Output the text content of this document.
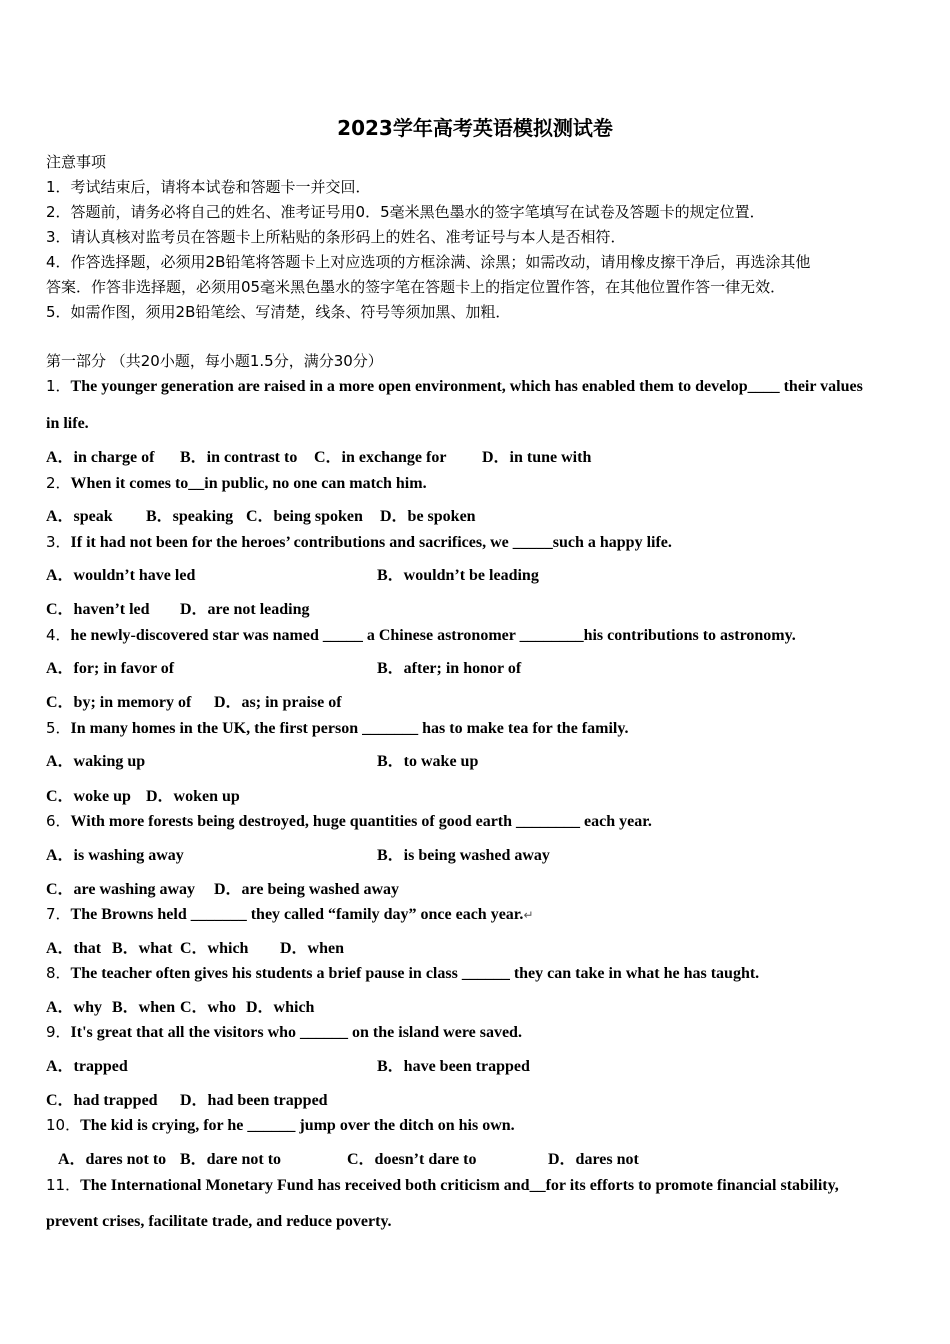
2023学年高考英语模拟测试卷
注意事项
1．考试结束后，请将本试卷和答题卡一并交回．
2．答题前，请务必将自己的姓名、准考证号用0．5毫米黑色墨水的签字笔填写在试卷及答题卡的规定位置．
3．请认真核对监考员在答题卡上所粘贴的条形码上的姓名、准考证号与本人是否相符．
4．作答选择题，必须用2B铅笔将答题卡上对应选项的方框涂满、涂黑；如需改动，请用橡皮擦干净后，再选涂其他
答案．作答非选择题，必须用05毫米黑色墨水的签字笔在答题卡上的指定位置作答，在其他位置作答一律无效．
5．如需作图，须用2B铅笔绘、写清楚，线条、符号等须加黑、加粗．
第一部分 （共20小题，每小题1.5分，满分30分）
1．The younger generation are raised in a more open environment, which has enabled them to develop____ their values
in life.
A．in charge of B．in contrast to C．in exchange for D．in tune with
2．When it comes to__in public, no one can match him.
A．speak B．speaking C．being spoken D．be spoken
3．If it had not been for the heroes’ contributions and sacrifices, we _____such a happy life.
A．wouldn’t have led	B．wouldn’t be leading
C．haven’t led D．are not leading
4．he newly-discovered star was named _____ a Chinese astronomer ________his contributions to astronomy.
A．for; in favor of	B．after; in honor of
C．by; in memory of D．as; in praise of
5．In many homes in the UK, the first person _______ has to make tea for the family.
A．waking up	B．to wake up
C．woke up D．woken up
6．With more forests being destroyed, huge quantities of good earth ________ each year.
A．is washing away	B．is being washed away
C．are washing away D．are being washed away
7．The Browns held _______ they called “family day” once each year.↵
A．that B．what C．which D．when
8．The teacher often gives his students a brief pause in class ______ they can take in what he has taught.
A．why B．when C．who D．which
9．It's great that all the visitors who ______ on the island were saved.
A．trapped	B．have been trapped
C．had trapped D．had been trapped
10．The kid is crying, for he ______ jump over the ditch on his own.
A．dares not to B．dare not to	C．doesn’t dare to	D．dares not
11．The International Monetary Fund has received both criticism and__for its efforts to promote financial stability,
prevent crises, facilitate trade, and reduce poverty.
